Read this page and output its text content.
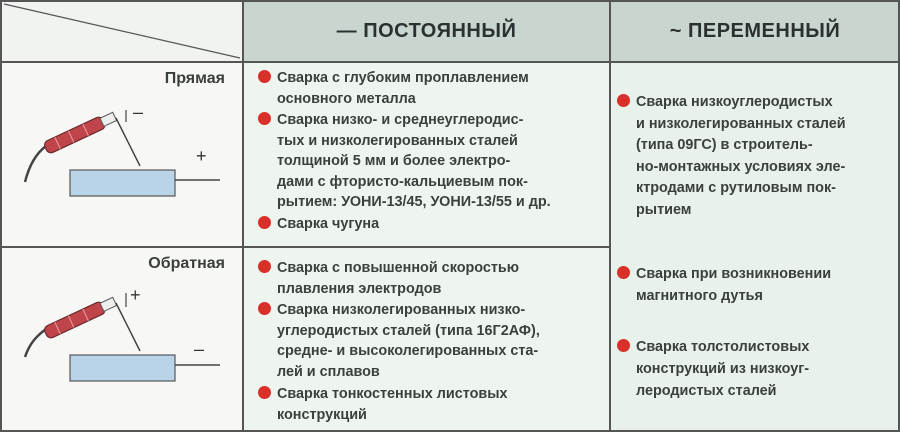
— ПОСТОЯННЫЙ	~ ПЕРЕМЕННЫЙ
Прямая
–
+
Обратная
+
–
Сварка с глубоким проплавлением
основного металла
Сварка низко- и среднеуглеродис-
тых и низколегированных сталей
толщиной 5 мм и более электро-
дами с фтористо-кальциевым пок-
рытием: УОНИ-13/45, УОНИ-13/55 и др.
Сварка чугуна
Сварка с повышенной скоростью
плавления электродов
Сварка низколегированных низко-
углеродистых сталей (типа 16Г2АФ),
средне- и высоколегированных ста-
лей и сплавов
Сварка тонкостенных листовых
конструкций
Сварка низкоуглеродистых
и низколегированных сталей
(типа 09ГС) в строитель-
но-монтажных условиях эле-
ктродами с рутиловым пок-
рытием
Сварка при возникновении
магнитного дутья
Сварка толстолистовых
конструкций из низкоуг-
леродистых сталей
